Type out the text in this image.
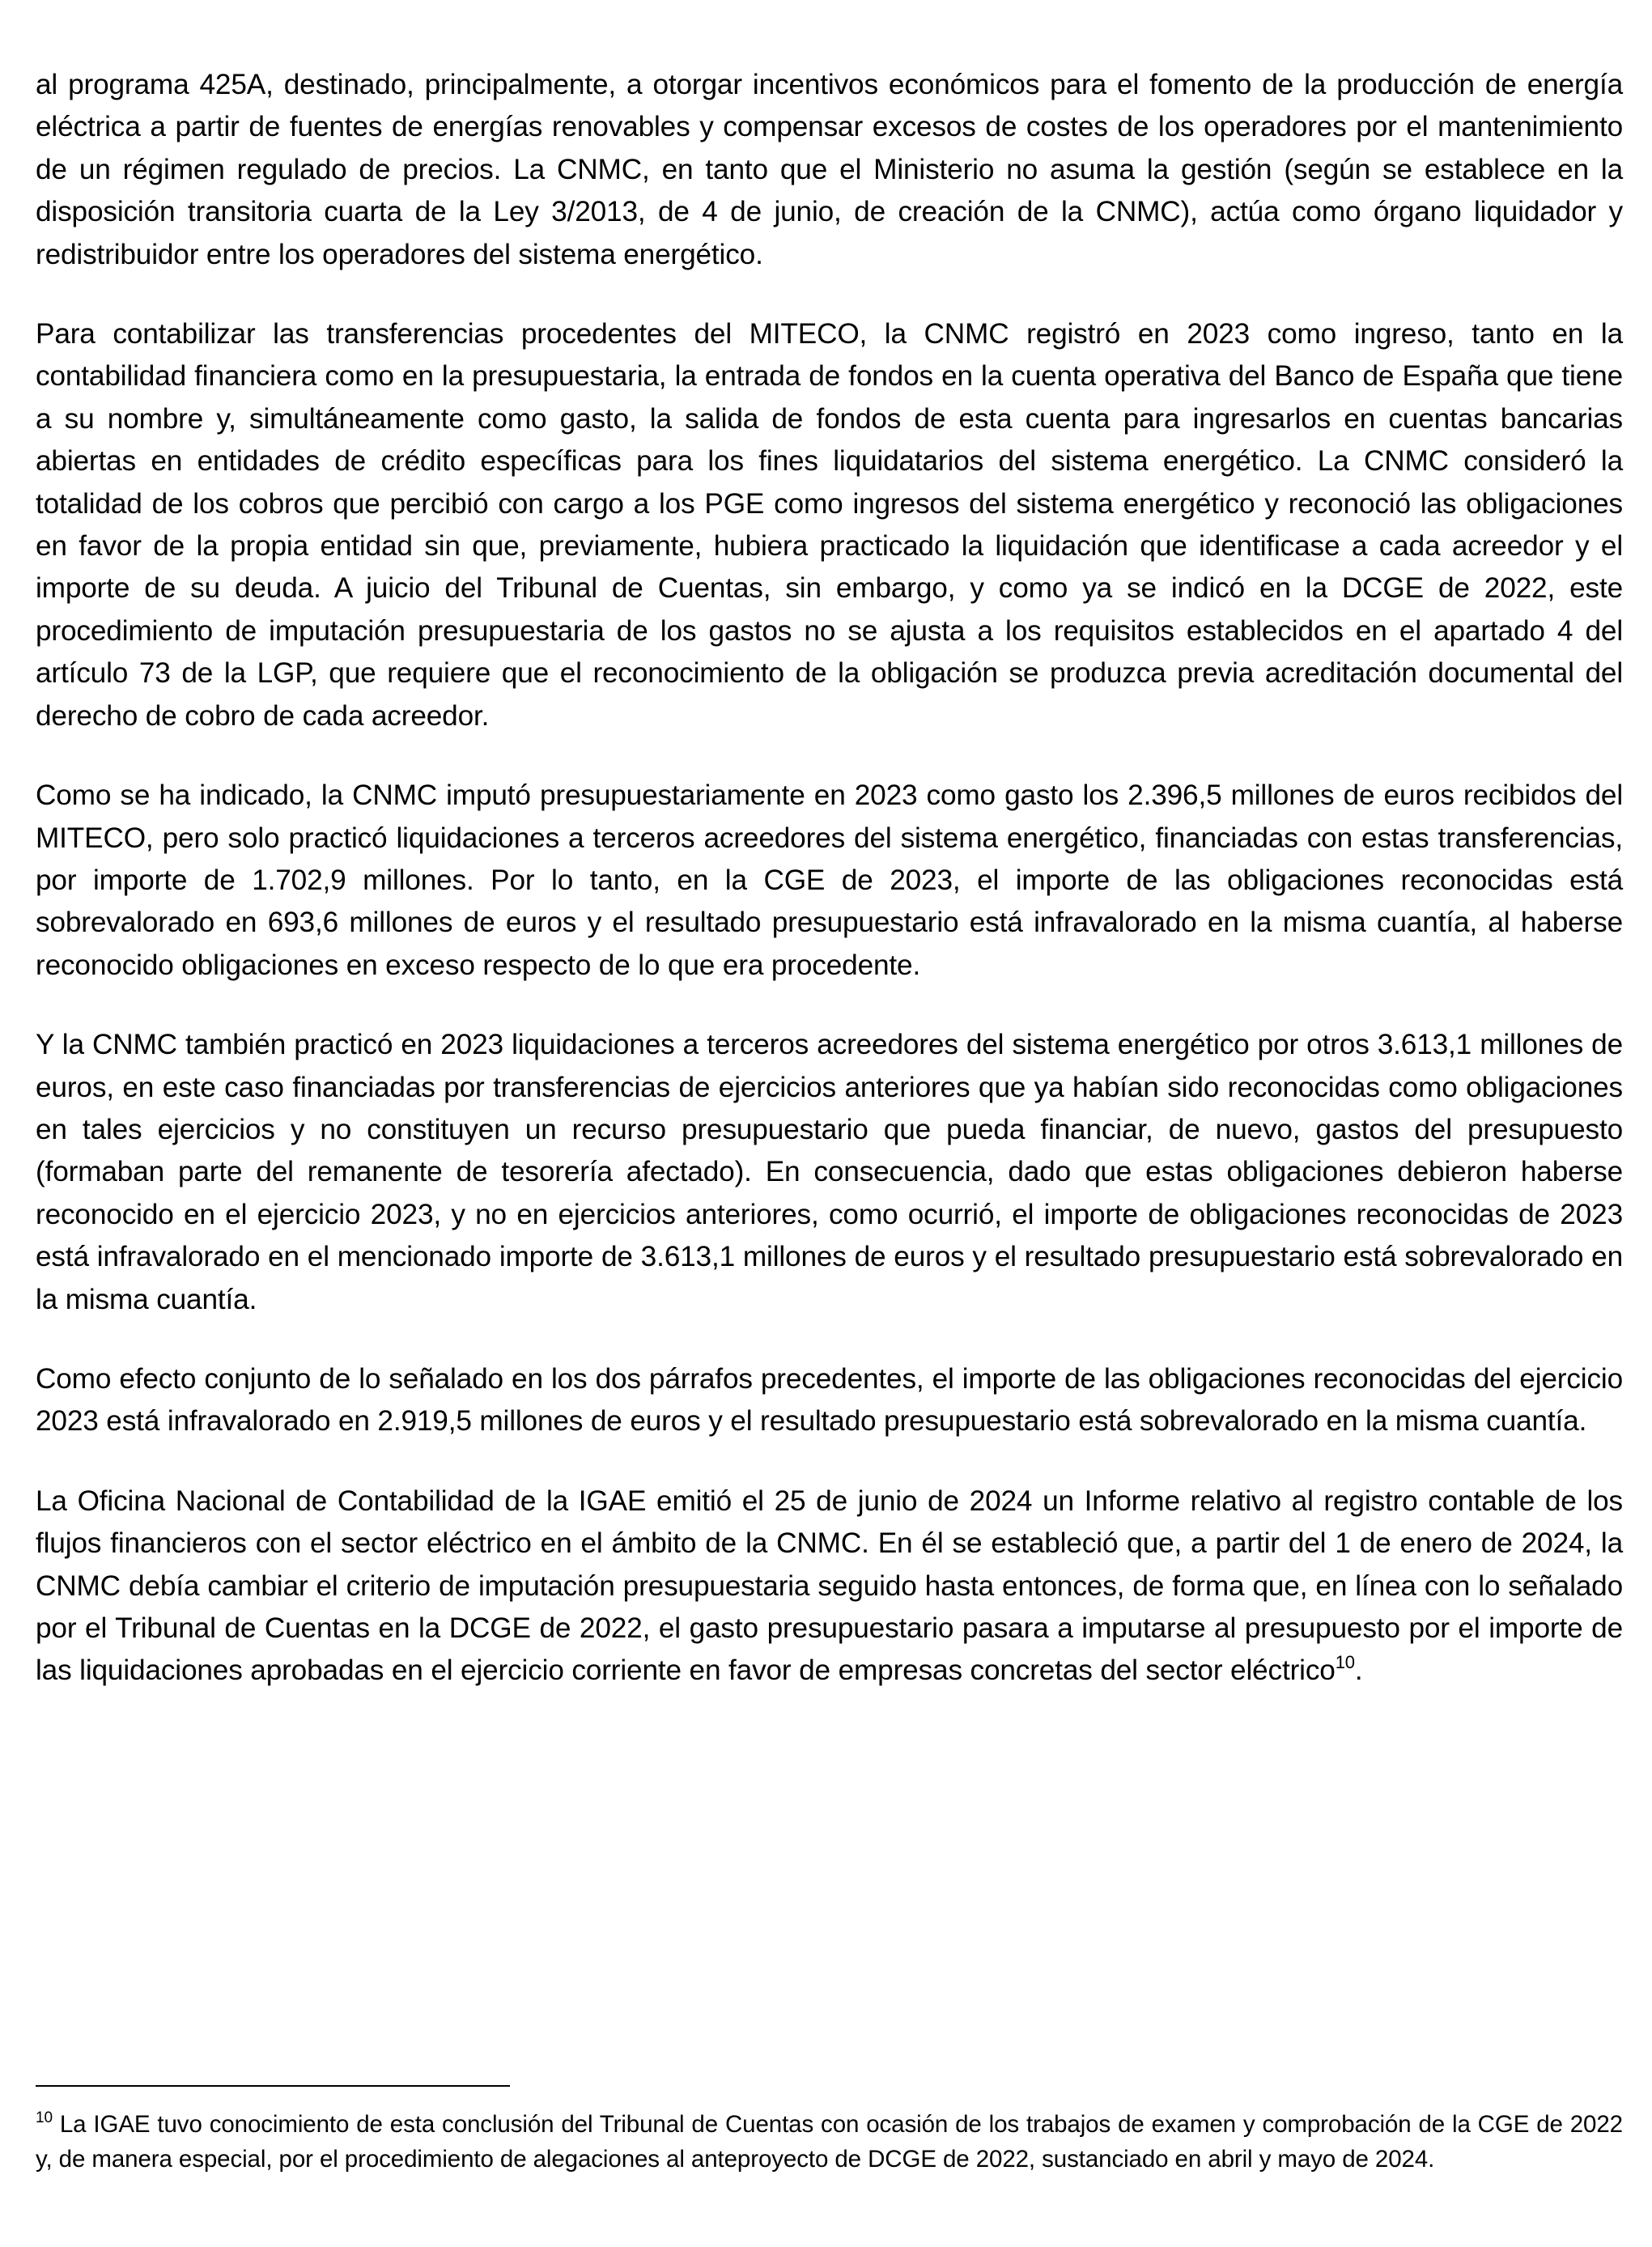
al programa 425A, destinado, principalmente, a otorgar incentivos económicos para el fomento de la producción de energía eléctrica a partir de fuentes de energías renovables y compensar excesos de costes de los operadores por el mantenimiento de un régimen regulado de precios. La CNMC, en tanto que el Ministerio no asuma la gestión (según se establece en la disposición transitoria cuarta de la Ley 3/2013, de 4 de junio, de creación de la CNMC), actúa como órgano liquidador y redistribuidor entre los operadores del sistema energético.

Para contabilizar las transferencias procedentes del MITECO, la CNMC registró en 2023 como ingreso, tanto en la contabilidad financiera como en la presupuestaria, la entrada de fondos en la cuenta operativa del Banco de España que tiene a su nombre y, simultáneamente como gasto, la salida de fondos de esta cuenta para ingresarlos en cuentas bancarias abiertas en entidades de crédito específicas para los fines liquidatarios del sistema energético. La CNMC consideró la totalidad de los cobros que percibió con cargo a los PGE como ingresos del sistema energético y reconoció las obligaciones en favor de la propia entidad sin que, previamente, hubiera practicado la liquidación que identificase a cada acreedor y el importe de su deuda. A juicio del Tribunal de Cuentas, sin embargo, y como ya se indicó en la DCGE de 2022, este procedimiento de imputación presupuestaria de los gastos no se ajusta a los requisitos establecidos en el apartado 4 del artículo 73 de la LGP, que requiere que el reconocimiento de la obligación se produzca previa acreditación documental del derecho de cobro de cada acreedor.

Como se ha indicado, la CNMC imputó presupuestariamente en 2023 como gasto los 2.396,5 millones de euros recibidos del MITECO, pero solo practicó liquidaciones a terceros acreedores del sistema energético, financiadas con estas transferencias, por importe de 1.702,9 millones. Por lo tanto, en la CGE de 2023, el importe de las obligaciones reconocidas está sobrevalorado en 693,6 millones de euros y el resultado presupuestario está infravalorado en la misma cuantía, al haberse reconocido obligaciones en exceso respecto de lo que era procedente.

Y la CNMC también practicó en 2023 liquidaciones a terceros acreedores del sistema energético por otros 3.613,1 millones de euros, en este caso financiadas por transferencias de ejercicios anteriores que ya habían sido reconocidas como obligaciones en tales ejercicios y no constituyen un recurso presupuestario que pueda financiar, de nuevo, gastos del presupuesto (formaban parte del remanente de tesorería afectado). En consecuencia, dado que estas obligaciones debieron haberse reconocido en el ejercicio 2023, y no en ejercicios anteriores, como ocurrió, el importe de obligaciones reconocidas de 2023 está infravalorado en el mencionado importe de 3.613,1 millones de euros y el resultado presupuestario está sobrevalorado en la misma cuantía.

Como efecto conjunto de lo señalado en los dos párrafos precedentes, el importe de las obligaciones reconocidas del ejercicio 2023 está infravalorado en 2.919,5 millones de euros y el resultado presupuestario está sobrevalorado en la misma cuantía.

La Oficina Nacional de Contabilidad de la IGAE emitió el 25 de junio de 2024 un Informe relativo al registro contable de los flujos financieros con el sector eléctrico en el ámbito de la CNMC. En él se estableció que, a partir del 1 de enero de 2024, la CNMC debía cambiar el criterio de imputación presupuestaria seguido hasta entonces, de forma que, en línea con lo señalado por el Tribunal de Cuentas en la DCGE de 2022, el gasto presupuestario pasara a imputarse al presupuesto por el importe de las liquidaciones aprobadas en el ejercicio corriente en favor de empresas concretas del sector eléctrico$^{10}$.

$^{10}$ La IGAE tuvo conocimiento de esta conclusión del Tribunal de Cuentas con ocasión de los trabajos de examen y comprobación de la CGE de 2022 y, de manera especial, por el procedimiento de alegaciones al anteproyecto de DCGE de 2022, sustanciado en abril y mayo de 2024.
